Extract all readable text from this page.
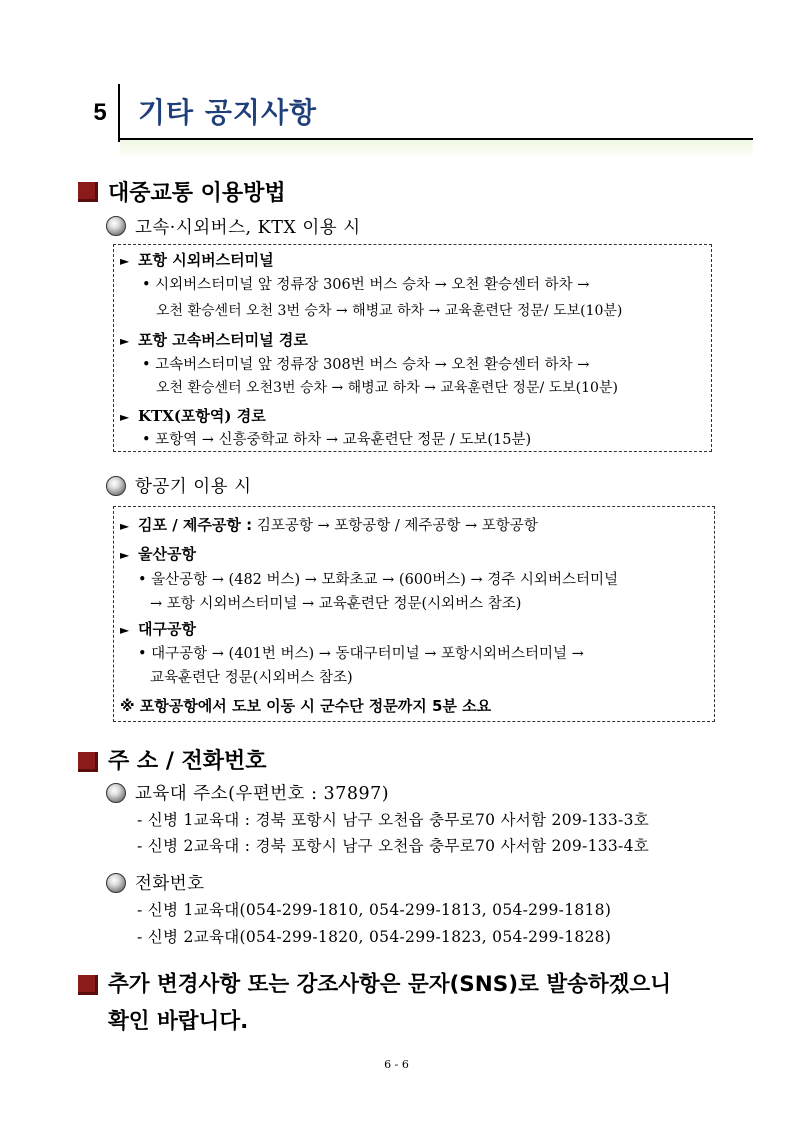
5	기타 공지사항
대중교통 이용방법
고속·시외버스, KTX 이용 시
► 포항 시외버스터미널
• 시외버스터미널 앞 정류장 306번 버스 승차 → 오천 환승센터 하차 →
오천 환승센터 오천 3번 승차 → 해병교 하차 → 교육훈련단 정문/ 도보(10분)
► 포항 고속버스터미널 경로
• 고속버스터미널 앞 정류장 308번 버스 승차 → 오천 환승센터 하차 →
오천 환승센터 오천3번 승차 → 해병교 하차 → 교육훈련단 정문/ 도보(10분)
► KTX(포항역) 경로
• 포항역 → 신흥중학교 하차 → 교육훈련단 정문 / 도보(15분)
항공기 이용 시
► 김포 / 제주공항 : 김포공항 → 포항공항 / 제주공항 → 포항공항
► 울산공항
• 울산공항 → (482 버스) → 모화초교 → (600버스) → 경주 시외버스터미널
→ 포항 시외버스터미널 → 교육훈련단 정문(시외버스 참조)
► 대구공항
• 대구공항 → (401번 버스) → 동대구터미널 → 포항시외버스터미널 →
교육훈련단 정문(시외버스 참조)
※ 포항공항에서 도보 이동 시 군수단 정문까지 5분 소요
주 소 / 전화번호
교육대 주소(우편번호 : 37897)
- 신병 1교육대 : 경북 포항시 남구 오천읍 충무로70 사서함 209-133-3호
- 신병 2교육대 : 경북 포항시 남구 오천읍 충무로70 사서함 209-133-4호
전화번호
- 신병 1교육대(054-299-1810, 054-299-1813, 054-299-1818)
- 신병 2교육대(054-299-1820, 054-299-1823, 054-299-1828)
추가 변경사항 또는 강조사항은 문자(SNS)로 발송하겠으니
확인 바랍니다.
6 - 6
